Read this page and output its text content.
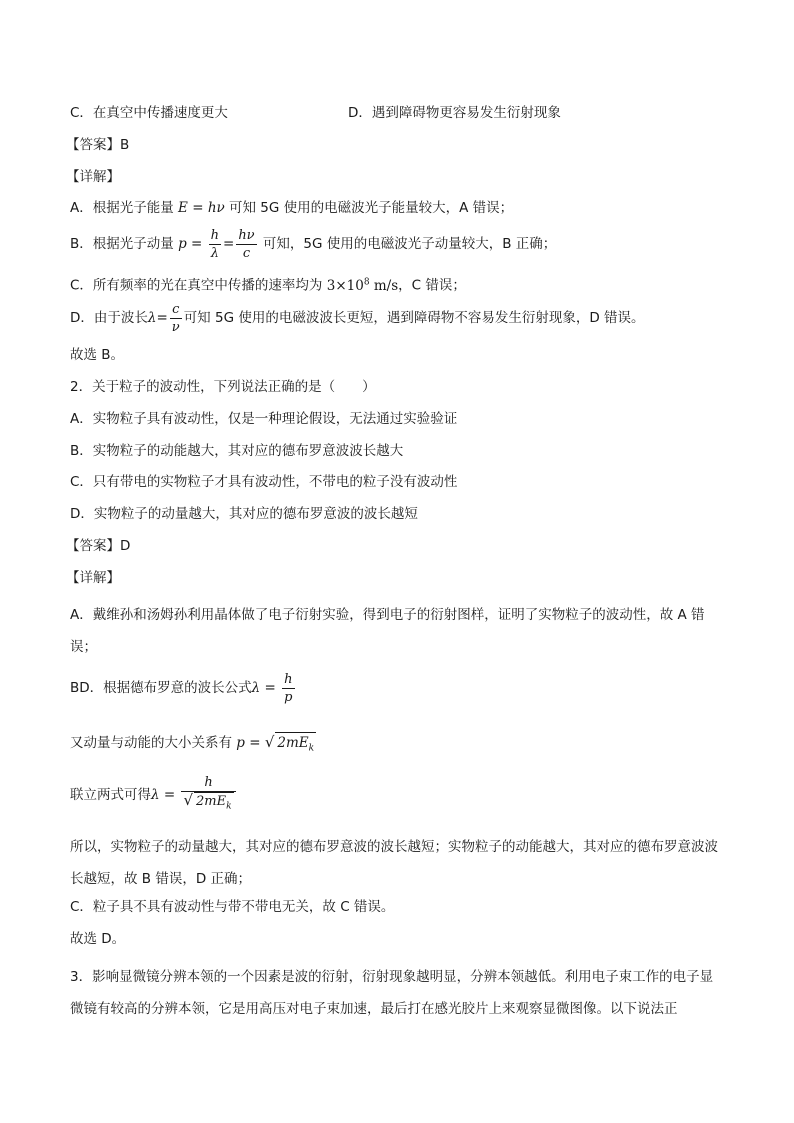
C．在真空中传播速度更大	D．遇到障碍物更容易发生衍射现象
【答案】B
【详解】
A．根据光子能量 E = hν 可知 5G 使用的电磁波光子能量较大，A 错误；
B．根据光子动量 $p = \frac{h}{\lambda} = \frac{h\nu}{c}$ 可知，5G 使用的电磁波光子动量较大，B 正确；
C．所有频率的光在真空中传播的速率均为 $3\times 10^8$ m/s，C 错误；
D．由于波长$\lambda= \frac{c}{\nu}$ 可知 5G 使用的电磁波波长更短，遇到障碍物不容易发生衍射现象，D 错误。
故选 B。
2．关于粒子的波动性，下列说法正确的是（　　）
A．实物粒子具有波动性，仅是一种理论假设，无法通过实验验证
B．实物粒子的动能越大，其对应的德布罗意波波长越大
C．只有带电的实物粒子才具有波动性，不带电的粒子没有波动性
D．实物粒子的动量越大，其对应的德布罗意波的波长越短
【答案】D
【详解】
A．戴维孙和汤姆孙利用晶体做了电子衍射实验，得到电子的衍射图样，证明了实物粒子的波动性，故 A 错误；
BD．根据德布罗意的波长公式$\lambda = \frac{h}{p}$
又动量与动能的大小关系有 p = √ $2mE_k$
联立两式可得$\lambda = \frac{h}{√ 2mE_k}$
所以，实物粒子的动量越大，其对应的德布罗意波的波长越短；实物粒子的动能越大，其对应的德布罗意波波长越短，故 B 错误，D 正确；
C．粒子具不具有波动性与带不带电无关，故 C 错误。
故选 D。
3．影响显微镜分辨本领的一个因素是波的衍射，衍射现象越明显，分辨本领越低。利用电子束工作的电子显微镜有较高的分辨本领，它是用高压对电子束加速，最后打在感光胶片上来观察显微图像。以下说法正
